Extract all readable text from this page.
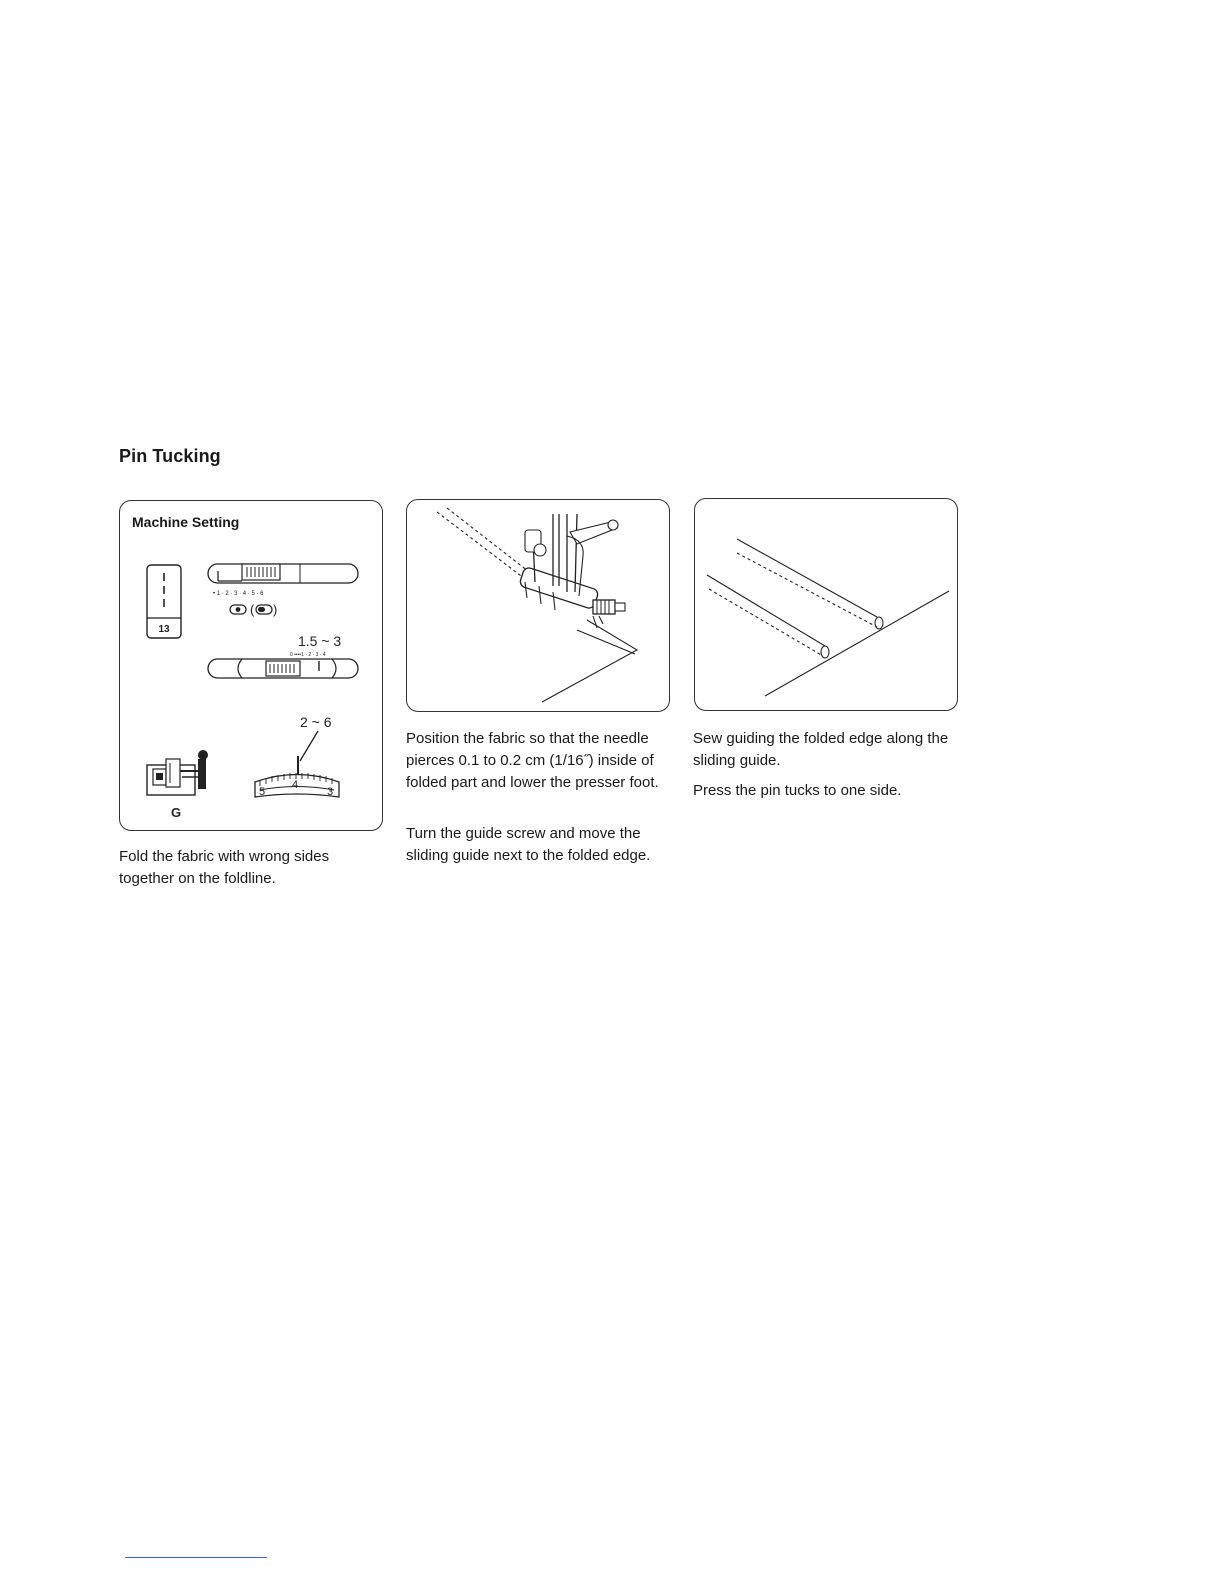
Pin Tucking
Machine Setting
13
• 1 · 2 · 3 · 4 · 5 · 6
( )
1.5 ~ 3
0 ••••1 · 2 · 3 · 4
2 ~ 6
5
4
3
G

Fold the fabric with wrong sides together on the foldline.

Position the fabric so that the needle pierces 0.1 to 0.2 cm (1/16˝) inside of folded part and lower the presser foot.

Turn the guide screw and move the sliding guide next to the folded edge.

Sew guiding the folded edge along the sliding guide.

Press the pin tucks to one side.
